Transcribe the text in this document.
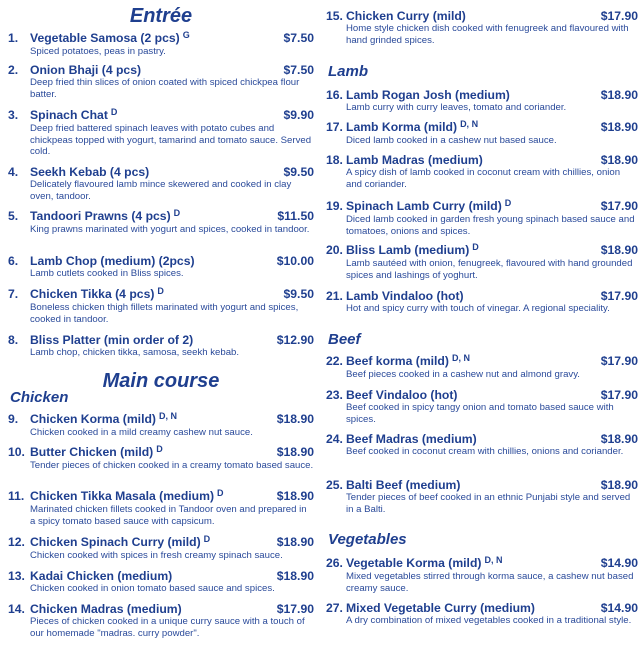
Entrée
1. Vegetable Samosa (2 pcs) $^G$	$7.50
Spiced potatoes, peas in pastry.
2. Onion Bhaji (4 pcs)	$7.50
Deep fried thin slices of onion coated with spiced chickpea flour batter.
3. Spinach Chat $^D$	$9.90
Deep fried battered spinach leaves with potato cubes and chickpeas topped with yogurt, tamarind and tomato sauce. Served cold.
4. Seekh Kebab (4 pcs)	$9.50
Delicately flavoured lamb mince skewered and cooked in clay oven, tandoor.
5. Tandoori Prawns (4 pcs) $^D$	$11.50
King prawns marinated with yogurt and spices, cooked in tandoor.
6. Lamb Chop (medium) (2pcs)	$10.00
Lamb cutlets cooked in Bliss spices.
7. Chicken Tikka (4 pcs) $^D$	$9.50
Boneless chicken thigh fillets marinated with yogurt and spices, cooked in tandoor.
8. Bliss Platter (min order of 2)	$12.90
Lamb chop, chicken tikka, samosa, seekh kebab.
Main course
Chicken
9. Chicken Korma (mild) $^{D, N}$	$18.90
Chicken cooked in a mild creamy cashew nut sauce.
10. Butter Chicken (mild) $^D$	$18.90
Tender pieces of chicken cooked in a creamy tomato based sauce.
11. Chicken Tikka Masala (medium) $^D$	$18.90
Marinated chicken fillets cooked in Tandoor oven and prepared in a spicy tomato based sauce with capsicum.
12. Chicken Spinach Curry (mild) $^D$	$18.90
Chicken cooked with spices in fresh creamy spinach sauce.
13. Kadai Chicken (medium)	$18.90
Chicken cooked in onion tomato based sauce and spices.
14. Chicken Madras (medium)	$17.90
Pieces of chicken cooked in a unique curry sauce with a touch of our homemade "madras. curry powder".
15. Chicken Curry (mild)	$17.90
Home style chicken dish cooked with fenugreek and flavoured with hand grinded spices.
Lamb
16. Lamb Rogan Josh (medium)	$18.90
Lamb curry with curry leaves, tomato and coriander.
17. Lamb Korma (mild) $^{D, N}$	$18.90
Diced lamb cooked in a cashew nut based sauce.
18. Lamb Madras (medium)	$18.90
A spicy dish of lamb cooked in coconut cream with chillies, onion and coriander.
19. Spinach Lamb Curry (mild) $^D$	$17.90
Diced lamb cooked in garden fresh young spinach based sauce and tomatoes, onions and spices.
20. Bliss Lamb (medium) $^D$	$18.90
Lamb sautéed with onion, fenugreek, flavoured with hand grounded spices and lashings of yoghurt.
21. Lamb Vindaloo (hot)	$17.90
Hot and spicy curry with touch of vinegar. A regional speciality.
Beef
22. Beef korma (mild) $^{D, N}$	$17.90
Beef pieces cooked in a cashew nut and almond gravy.
23. Beef Vindaloo (hot)	$17.90
Beef cooked in spicy tangy onion and tomato based sauce with spices.
24. Beef Madras (medium)	$18.90
Beef cooked in coconut cream with chillies, onions and coriander.
25. Balti Beef (medium)	$18.90
Tender pieces of beef cooked in an ethnic Punjabi style and served in a Balti.
Vegetables
26. Vegetable Korma (mild) $^{D, N}$	$14.90
Mixed vegetables stirred through korma sauce, a cashew nut based creamy sauce.
27. Mixed Vegetable Curry (medium)	$14.90
A dry combination of mixed vegetables cooked in a traditional style.
